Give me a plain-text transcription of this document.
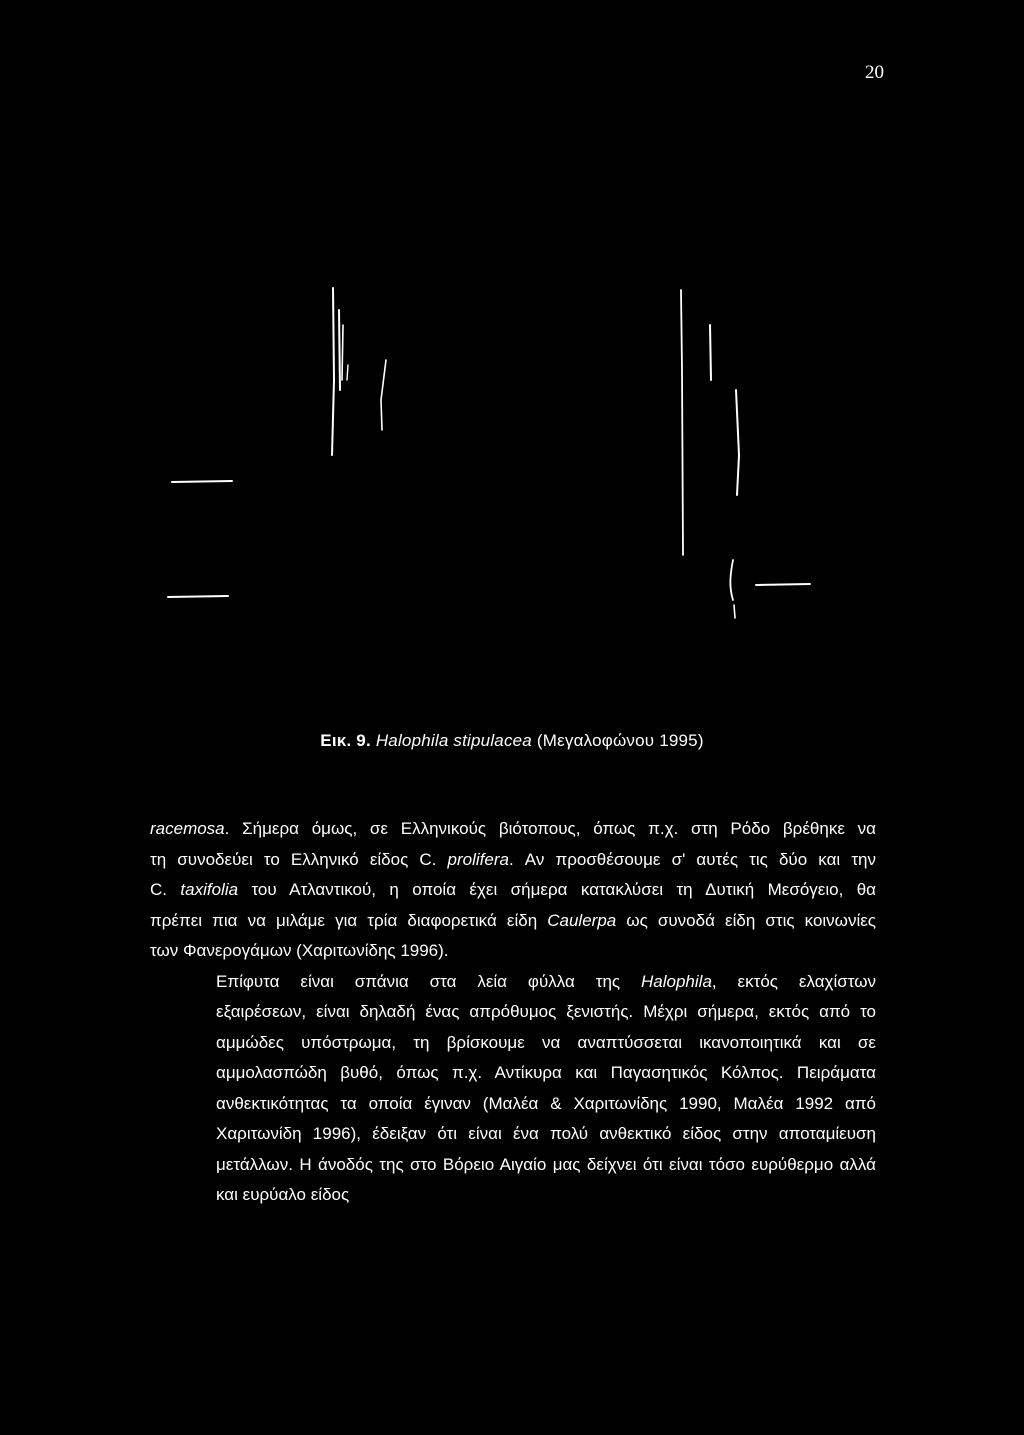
20
Εικ. 9. Halophila stipulacea (Μεγαλοφώνου 1995)

racemosa. Σήμερα όμως, σε Ελληνικούς βιότοπους, όπως π.χ. στη Ρόδο βρέθηκε να
τη συνοδεύει το Ελληνικό είδος C. prolifera. Αν προσθέσουμε σ' αυτές τις δύο και την
C. taxifolia του Ατλαντικού, η οποία έχει σήμερα κατακλύσει τη Δυτική Μεσόγειο, θα
πρέπει πια να μιλάμε για τρία διαφορετικά είδη Caulerpa ως συνοδά είδη στις κοινωνίες
των Φανερογάμων (Χαριτωνίδης 1996).

Επίφυτα είναι σπάνια στα λεία φύλλα της Halophila, εκτός ελαχίστων
εξαιρέσεων, είναι δηλαδή ένας απρόθυμος ξενιστής. Μέχρι σήμερα, εκτός από το
αμμώδες υπόστρωμα, τη βρίσκουμε να αναπτύσσεται ικανοποιητικά και σε
αμμολασπώδη βυθό, όπως π.χ. Αντίκυρα και Παγασητικός Κόλπος. Πειράματα
ανθεκτικότητας τα οποία έγιναν (Μαλέα & Χαριτωνίδης 1990, Μαλέα 1992 από
Χαριτωνίδη 1996), έδειξαν ότι είναι ένα πολύ ανθεκτικό είδος στην αποταμίευση
μετάλλων. Η άνοδός της στο Βόρειο Αιγαίο μας δείχνει ότι είναι τόσο ευρύθερμο αλλά
και ευρύαλο είδος
